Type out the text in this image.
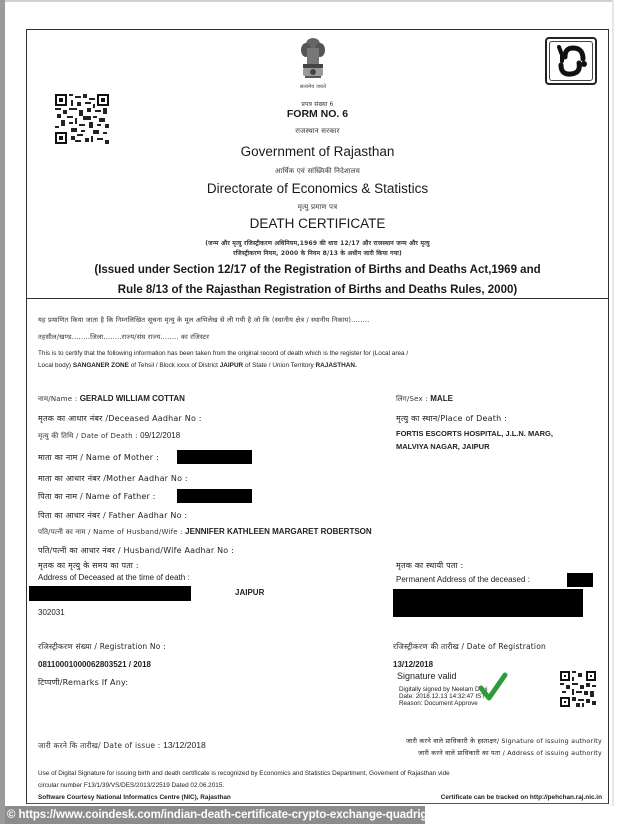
सत्यमेव जयते
प्रपत्र संख्या 6
FORM NO. 6
राजस्थान सरकार
Government of Rajasthan
आर्थिक एवं सांख्यिकी निदेशालय
Directorate of Economics & Statistics
मृत्यु प्रमाण पत्र
DEATH CERTIFICATE
(जन्म और मृत्यु रजिस्ट्रीकरण अधिनियम,1969 की धारा 12/17 और राजस्थान जन्म और मृत्यु
रजिस्ट्रीकरण नियम, 2000 के नियम 8/13 के अधीन जारी किया गया)
(Issued under Section 12/17 of the Registration of Births and Deaths Act,1969 and
Rule 8/13 of the Rajasthan Registration of Births and Deaths Rules, 2000)
यह प्रमाणित किया जाता है कि निम्नलिखित सूचना मृत्यु के मूल अभिलेख से ली गयी है जो कि (स्थानीय क्षेत्र / स्थानीय निकाय)........
तहसील/खण्ड........जिला........राज्य/संघ राज्य........ का रजिस्टर
This is to certify that the following information has been taken from the original record of death which is the register for (Local area /
Local body) SANGANER ZONE of Tehsil / Block xxxx of District JAIPUR of State / Union Territory RAJASTHAN.
नाम/Name : GERALD WILLIAM COTTAN
मृतक का आधार नंबर /Deceased Aadhar No :
मृत्यु की तिथि / Date of Death : 09/12/2018
माता का नाम / Name of Mother :
माता का आधार नंबर /Mother Aadhar No :
पिता का नाम / Name of Father :
पिता का आधार नंबर / Father Aadhar No :
पति/पत्नी का नाम / Name of Husband/Wife : JENNIFER KATHLEEN MARGARET ROBERTSON
पति/पत्नी का आधार नंबर / Husband/Wife Aadhar No :
मृतक का मृत्यु के समय का पता :
Address of Deceased at the time of death :
JAIPUR
302031
लिंग/Sex : MALE
मृत्यु का स्थान/Place of Death :
FORTIS ESCORTS HOSPITAL, J.L.N. MARG,
MALVIYA NAGAR, JAIPUR
मृतक का स्थायी पता :
Permanent Address of the deceased :
रजिस्ट्रीकरण संख्या / Registration No :
08110001000062803521 / 2018
टिप्पणी/Remarks If Any:
रजिस्ट्रीकरण की तारीख / Date of Registration
13/12/2018
Signature valid
Digitally signed by Neelam Devi
Date: 2018.12.13 14:32:47 IST
Reason: Document Approve
जारी करने कि तारीख/ Date of issue : 13/12/2018	जारी करने वाले प्राधिकारी के हस्ताक्षर/ Signature of issuing authority
जारी करने वाले प्राधिकारी का पता / Address of issuing authority
Use of Digital Signature for issuing birth and death certificate is recognized by Economics and Statistics Department, Govement of Rajasthan vide
circular number F13/1/39/VS/DES/2013/22519 Dated 02.06.2015.
Software Courtesy National Informatics Centre (NIC), Rajasthan	Certificate can be tracked on http://pehchan.raj.nic.in
© https://www.coindesk.com/indian-death-certificate-crypto-exchange-quadrigacx-death
